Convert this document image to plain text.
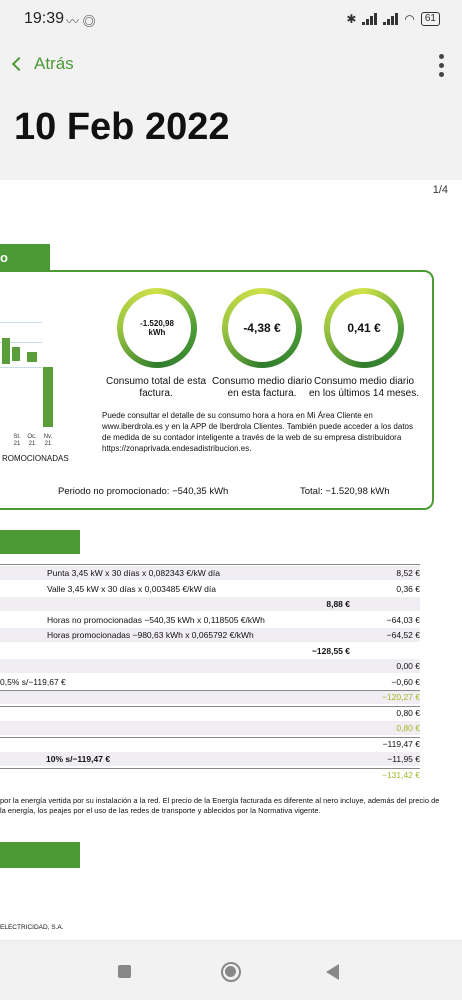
19:39 〰 ◎	✱	◠	61
Atrás
10 Feb 2022
1/4
o
St.
21
Oc.
21
Nv.
21
ROMOCIONADAS
-1.520,98
kWh
Consumo total de esta factura.
-4,38 €
Consumo medio diario en esta factura.
0,41 €
Consumo medio diario en los últimos 14 meses.
Puede consultar el detalle de su consumo hora a hora en Mi Área Cliente en www.iberdrola.es y en la APP de Iberdrola Clientes. También puede acceder a los datos de medida de su contador inteligente a través de la web de su empresa distribuidora https://zonaprivada.endesadistribucion.es.
Periodo no promocionado: −540,35 kWh	Total: −1.520,98 kWh
Punta 3,45 kW x 30 días x 0,082343 €/kW día	8,52 €
Valle 3,45 kW x 30 días x 0,003485 €/kW día	0,36 €
8,88 €
Horas no promocionadas −540,35 kWh x 0,118505 €/kWh	−64,03 €
Horas promocionadas −980,63 kWh x 0,065792 €/kWh	−64,52 €
−128,55 €
0,00 €
0,5% s/−119,67 €	−0,60 €
−120,27 €
0,80 €
0,80 €
−119,47 €
10% s/−119,47 €	−11,95 €
−131,42 €
por la energía vertida por su instalación a la red. El precio de la Energía facturada es diferente al nero incluye, además del precio de la energía, los peajes por el uso de las redes de transporte y ablecidos por la Normativa vigente.
ELECTRICIDAD, S.A.
